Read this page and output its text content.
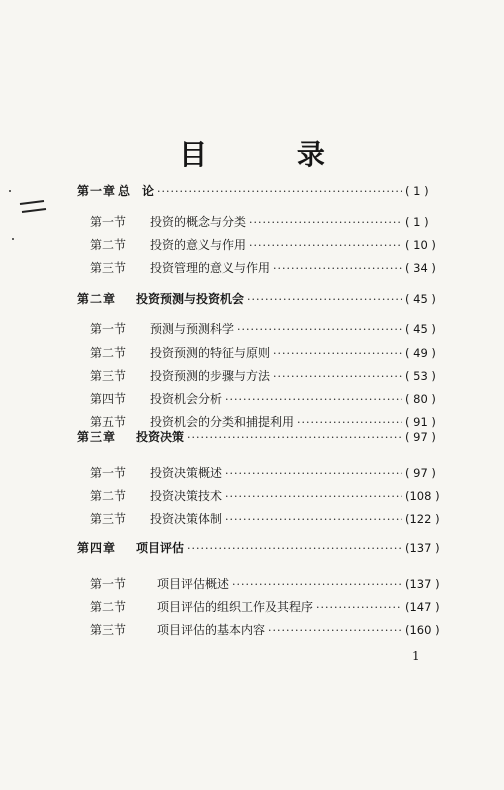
目 录
第一章 总　论	( 1 )
·····
第一节 投资的概念与分类	( 1 )
·····
第二节 投资的意义与作用	( 10 )
·····
第三节 投资管理的意义与作用	( 34 )
·····
第二章 投资预测与投资机会	( 45 )
·····
第一节 预测与预测科学	( 45 )
·····
第二节 投资预测的特征与原则	( 49 )
·····
第三节 投资预测的步骤与方法	( 53 )
·····
第四节 投资机会分析	( 80 )
·····
第五节 投资机会的分类和捕提利用	( 91 )
·····
第三章 投资决策	( 97 )
·····
第一节 投资决策概述	( 97 )
·····
第二节 投资决策技术	(108 )
·····
第三节 投资决策体制	(122 )
·····
第四章 项目评估	(137 )
·····
第一节	项目评估概述	(137 )
·····
第二节	项目评估的组织工作及其程序	(147 )
·····
第三节	项目评估的基本内容	(160 )
·····
1
